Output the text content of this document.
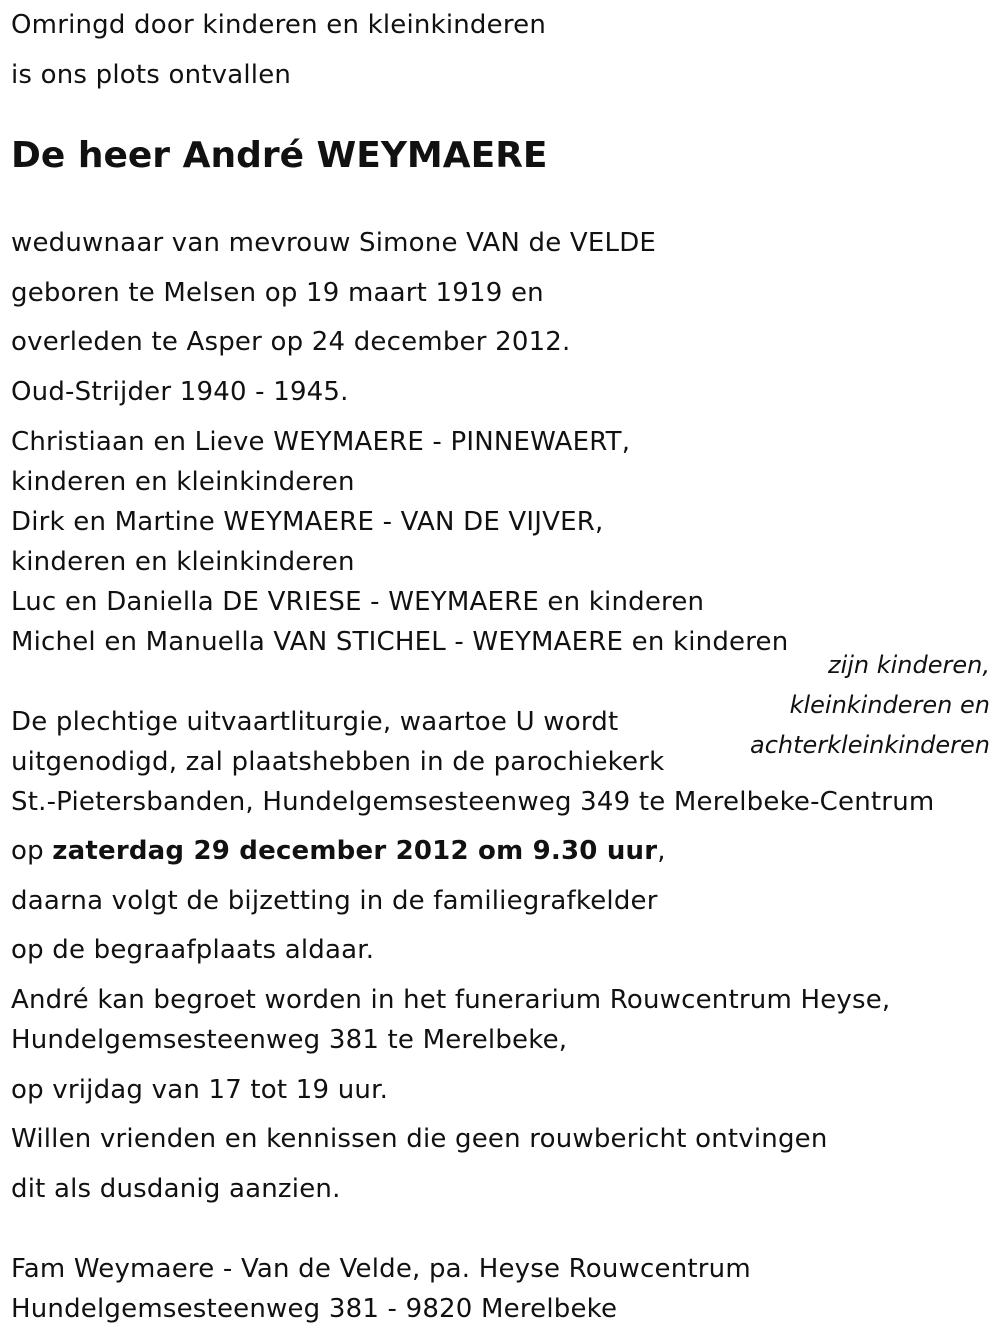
Omringd door kinderen en kleinkinderen
is ons plots ontvallen
De heer André WEYMAERE
weduwnaar van mevrouw Simone VAN de VELDE
geboren te Melsen op 19 maart 1919 en
overleden te Asper op 24 december 2012.
Oud-Strijder 1940 - 1945.
Christiaan en Lieve WEYMAERE - PINNEWAERT,
kinderen en kleinkinderen
Dirk en Martine WEYMAERE - VAN DE VIJVER,
kinderen en kleinkinderen
Luc en Daniella DE VRIESE - WEYMAERE en kinderen
Michel en Manuella VAN STICHEL - WEYMAERE en kinderen
zijn kinderen,
kleinkinderen en
achterkleinkinderen
De plechtige uitvaartliturgie, waartoe U wordt
uitgenodigd, zal plaatshebben in de parochiekerk
St.-Pietersbanden, Hundelgemsesteenweg 349 te Merelbeke-Centrum
op zaterdag 29 december 2012 om 9.30 uur,
daarna volgt de bijzetting in de familiegrafkelder
op de begraafplaats aldaar.
André kan begroet worden in het funerarium Rouwcentrum Heyse,
Hundelgemsesteenweg 381 te Merelbeke,
op vrijdag van 17 tot 19 uur.
Willen vrienden en kennissen die geen rouwbericht ontvingen
dit als dusdanig aanzien.
Fam Weymaere - Van de Velde, pa. Heyse Rouwcentrum
Hundelgemsesteenweg 381 - 9820 Merelbeke
